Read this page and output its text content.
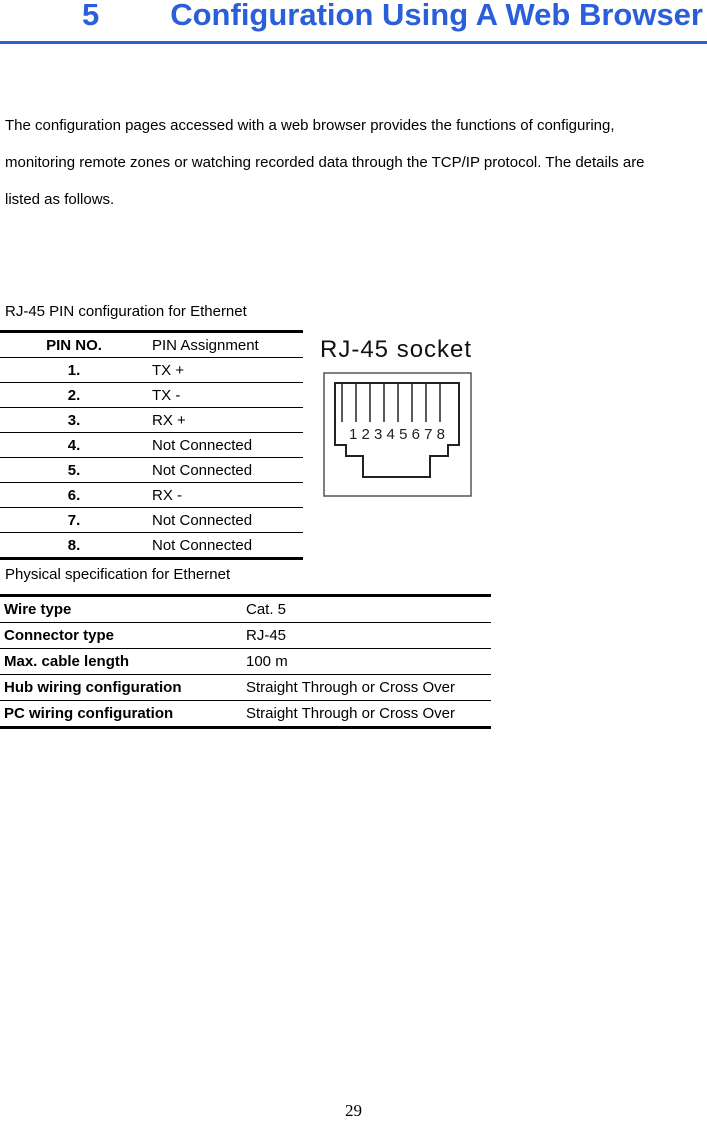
5 Configuration Using A Web Browser

The configuration pages accessed with a web browser provides the functions of configuring,

monitoring remote zones or watching recorded data through the TCP/IP protocol. The details are

listed as follows.

RJ-45 PIN configuration for Ethernet

PIN NO.	PIN Assignment
1.	TX +
2.	TX -
3.	RX +
4.	Not Connected
5.	Not Connected
6.	RX -
7.	Not Connected
8.	Not Connected
1 2 3 4 5 6 7 8
RJ-45 socket

Physical specification for Ethernet

Wire type	Cat. 5
Connector type	RJ-45
Max. cable length	100 m
Hub wiring configuration	Straight Through or Cross Over
PC wiring configuration	Straight Through or Cross Over
29
